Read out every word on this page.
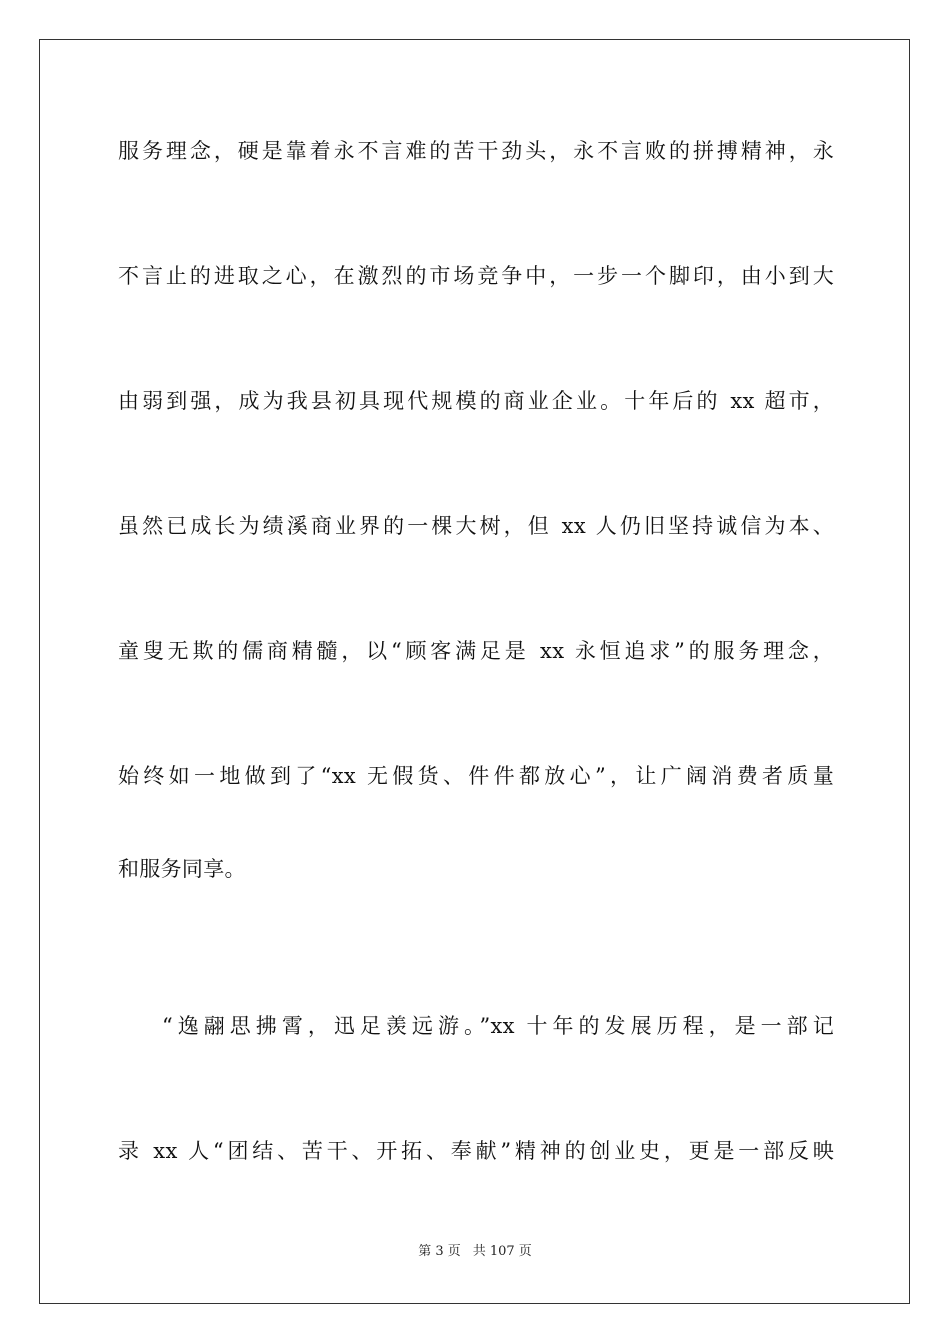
服务理念，硬是靠着永不言难的苦干劲头，永不言败的拼搏精神，永
不言止的进取之心，在激烈的市场竞争中，一步一个脚印，由小到大
由弱到强，成为我县初具现代规模的商业企业。十年后的 xx 超市，
虽然已成长为绩溪商业界的一棵大树，但 xx 人仍旧坚持诚信为本、
童叟无欺的儒商精髓，以“顾客满足是 xx 永恒追求”的服务理念，
始终如一地做到了“xx 无假货、件件都放心”，让广阔消费者质量
和服务同享。
“逸翮思拂霄，迅足羡远游。”xx 十年的发展历程，是一部记
录 xx 人“团结、苦干、开拓、奉献”精神的创业史，更是一部反映
第 3 页 共 107 页
